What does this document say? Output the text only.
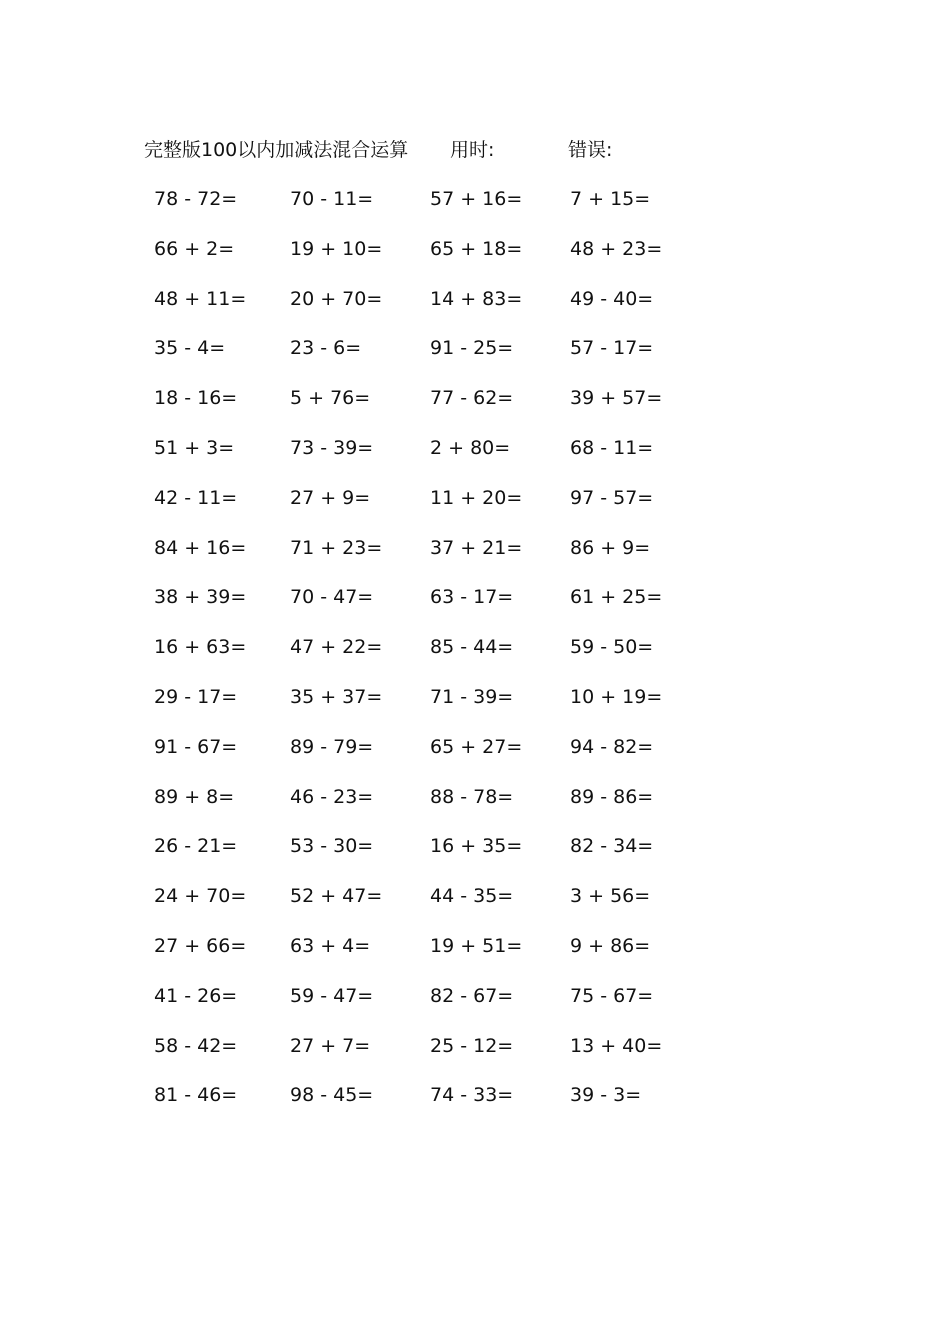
完整版100以内加减法混合运算 用时:	错误:
78 - 72=	70 - 11=	57 + 16=	7 + 15=
66 + 2=	19 + 10=	65 + 18=	48 + 23=
48 + 11=	20 + 70=	14 + 83=	49 - 40=
35 - 4=	23 - 6=	91 - 25=	57 - 17=
18 - 16=	5 + 76=	77 - 62=	39 + 57=
51 + 3=	73 - 39=	2 + 80=	68 - 11=
42 - 11=	27 + 9=	11 + 20=	97 - 57=
84 + 16=	71 + 23=	37 + 21=	86 + 9=
38 + 39=	70 - 47=	63 - 17=	61 + 25=
16 + 63=	47 + 22=	85 - 44=	59 - 50=
29 - 17=	35 + 37=	71 - 39=	10 + 19=
91 - 67=	89 - 79=	65 + 27=	94 - 82=
89 + 8=	46 - 23=	88 - 78=	89 - 86=
26 - 21=	53 - 30=	16 + 35=	82 - 34=
24 + 70=	52 + 47=	44 - 35=	3 + 56=
27 + 66=	63 + 4=	19 + 51=	9 + 86=
41 - 26=	59 - 47=	82 - 67=	75 - 67=
58 - 42=	27 + 7=	25 - 12=	13 + 40=
81 - 46=	98 - 45=	74 - 33=	39 - 3=
